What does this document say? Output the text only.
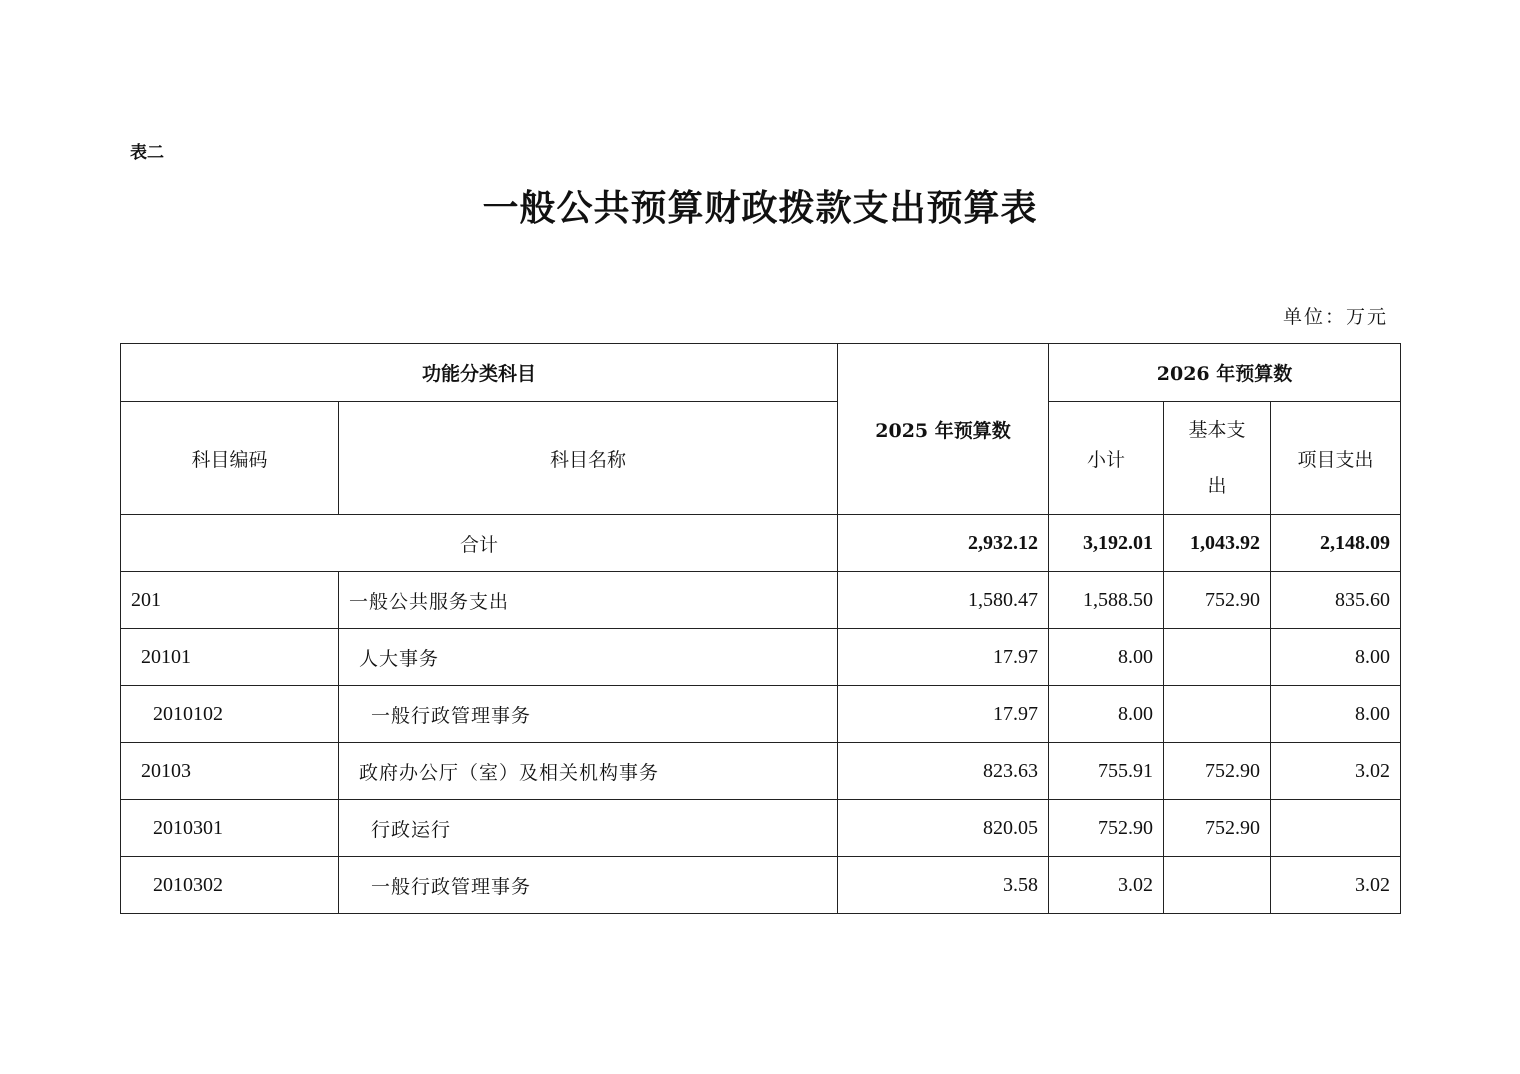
表二
一般公共预算财政拨款支出预算表
单位：万元
功能分类科目		2025 年预算数	2026 年预算数		
科目编码	科目名称		小计	基本支出	项目支出
合计		2,932.12	3,192.01	1,043.92	2,148.09
201	一般公共服务支出	1,580.47	1,588.50	752.90	835.60
20101	人大事务	17.97	8.00		8.00
2010102	一般行政管理事务	17.97	8.00		8.00
20103	政府办公厅（室）及相关机构事务	823.63	755.91	752.90	3.02
2010301	行政运行	820.05	752.90	752.90	
2010302	一般行政管理事务	3.58	3.02		3.02
